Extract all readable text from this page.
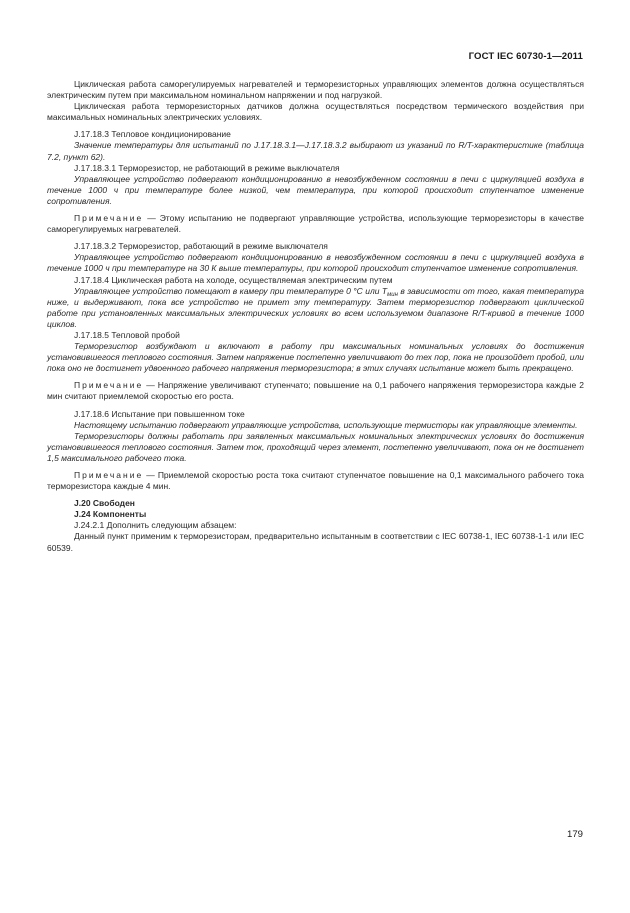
ГОСТ IEC 60730-1—2011

Циклическая работа саморегулируемых нагревателей и терморезисторных управляющих элементов должна осуществляться электрическим путем при максимальном номинальном напряжении и под нагрузкой.

Циклическая работа терморезисторных датчиков должна осуществляться посредством термического воздействия при максимальных номинальных электрических условиях.

J.17.18.3 Тепловое кондиционирование

Значение температуры для испытаний по J.17.18.3.1—J.17.18.3.2 выбирают из указаний по R/T-характеристике (таблица 7.2, пункт 62).

J.17.18.3.1 Терморезистор, не работающий в режиме выключателя

Управляющее устройство подвергают кондиционированию в невозбужденном состоянии в печи с циркуляцией воздуха в течение 1000 ч при температуре более низкой, чем температура, при которой происходит ступенчатое изменение сопротивления.

Примечание — Этому испытанию не подвергают управляющие устройства, использующие терморезисторы в качестве саморегулируемых нагревателей.

J.17.18.3.2 Терморезистор, работающий в режиме выключателя

Управляющее устройство подвергают кондиционированию в невозбужденном состоянии в печи с циркуляцией воздуха в течение 1000 ч при температуре на 30 К выше температуры, при которой происходит ступенчатое изменение сопротивления.

J.17.18.4 Циклическая работа на холоде, осуществляемая электрическим путем

Управляющее устройство помещают в камеру при температуре 0 °С или $T_{мин}$ в зависимости от того, какая температура ниже, и выдерживают, пока все устройство не примет эту температуру. Затем терморезистор подвергают циклической работе при установленных максимальных электрических условиях во всем используемом диапазоне R/T-кривой в течение 1000 циклов.

J.17.18.5 Тепловой пробой

Терморезистор возбуждают и включают в работу при максимальных номинальных условиях до достижения установившегося теплового состояния. Затем напряжение постепенно увеличивают до тех пор, пока не произойдет пробой, или пока оно не достигнет удвоенного рабочего напряжения терморезистора; в этих случаях испытание может быть прекращено.

Примечание — Напряжение увеличивают ступенчато; повышение на 0,1 рабочего напряжения терморезистора каждые 2 мин считают приемлемой скоростью его роста.

J.17.18.6 Испытание при повышенном токе

Настоящему испытанию подвергают управляющие устройства, использующие термисторы как управляющие элементы.

Терморезисторы должны работать при заявленных максимальных номинальных электрических условиях до достижения установившегося теплового состояния. Затем ток, проходящий через элемент, постепенно увеличивают, пока он не достигнет 1,5 максимального рабочего тока.

Примечание — Приемлемой скоростью роста тока считают ступенчатое повышение на 0,1 максимального рабочего тока терморезистора каждые 4 мин.

J.20 Свободен

J.24 Компоненты

J.24.2.1 Дополнить следующим абзацем:

Данный пункт применим к терморезисторам, предварительно испытанным в соответствии с IEC 60738-1, IEC 60738-1-1 или IEC 60539.

179
